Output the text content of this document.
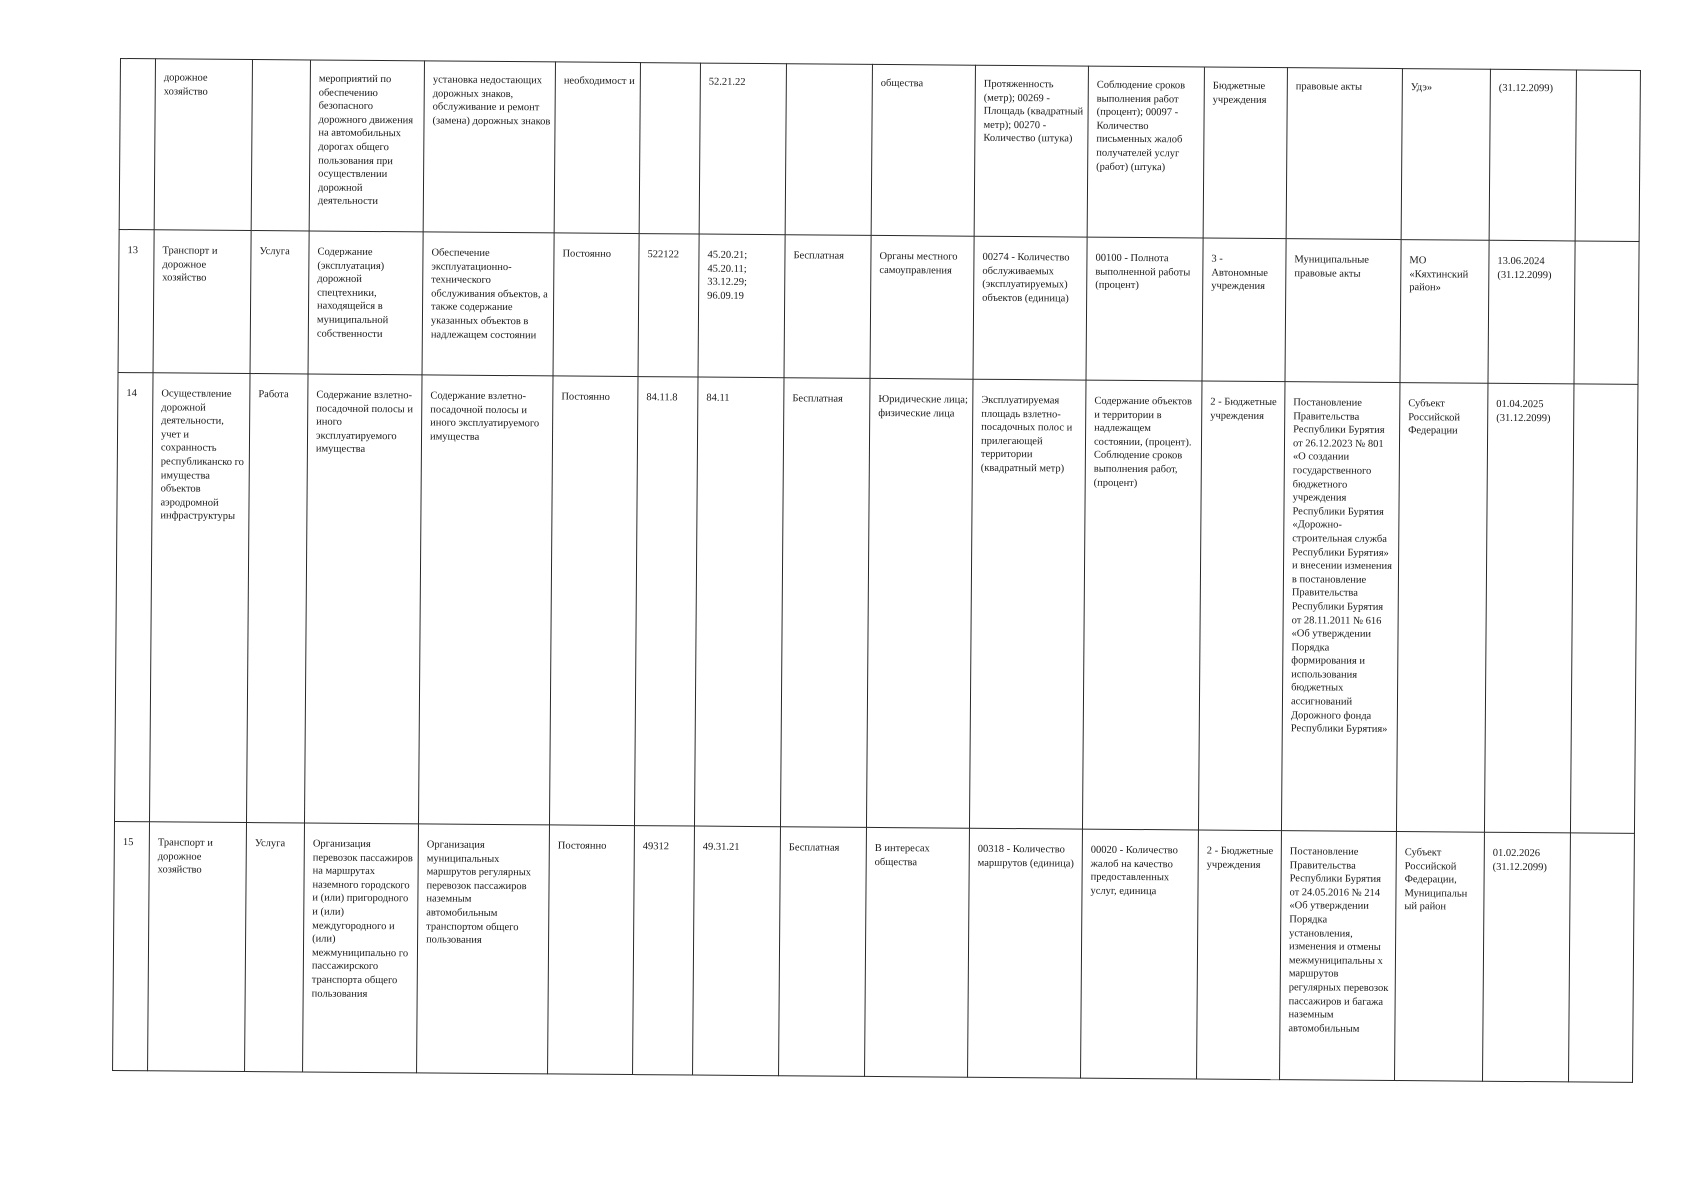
	дорожное хозяйство		мероприятий по обеспечению безопасного дорожного движения на автомобильных дорогах общего пользования при осуществлении дорожной деятельности	установка недостающих дорожных знаков, обслуживание и ремонт (замена) дорожных знаков	необходимост и		52.21.22		общества	Протяженность (метр); 00269 - Площадь (квадратный метр); 00270 - Количество (штука)	Соблюдение сроков выполнения работ (процент); 00097 - Количество письменных жалоб получателей услуг (работ) (штука)	Бюджетные учреждения	правовые акты	Удэ»	(31.12.2099)	
13	Транспорт и дорожное хозяйство	Услуга	Содержание (эксплуатация) дорожной спецтехники, находящейся в муниципальной собственности	Обеспечение эксплуатационно-технического обслуживания объектов, а также содержание указанных объектов в надлежащем состоянии	Постоянно	522122	45.20.21; 45.20.11; 33.12.29; 96.09.19	Бесплатная	Органы местного самоуправления	00274 - Количество обслуживаемых (эксплуатируемых) объектов (единица)	00100 - Полнота выполненной работы (процент)	3 - Автономные учреждения	Муниципальные правовые акты	МО «Кяхтинский район»	13.06.2024 (31.12.2099)	
14	Осуществление дорожной деятельности, учет и сохранность республиканско го имущества объектов аэродромной инфраструктуры	Работа	Содержание взлетно-посадочной полосы и иного эксплуатируемого имущества	Содержание взлетно-посадочной полосы и иного эксплуатируемого имущества	Постоянно	84.11.8	84.11	Бесплатная	Юридические лица; физические лица	Эксплуатируемая площадь взлетно-посадочных полос и прилегающей территории (квадратный метр)	Содержание объектов и территории в надлежащем состоянии, (процент). Соблюдение сроков выполнения работ, (процент)	2 - Бюджетные учреждения	Постановление Правительства Республики Бурятия от 26.12.2023 № 801 «О создании государственного бюджетного учреждения Республики Бурятия «Дорожно-строительная служба Республики Бурятия» и внесении изменения в постановление Правительства Республики Бурятия от 28.11.2011 № 616 «Об утверждении Порядка формирования и использования бюджетных ассигнований Дорожного фонда Республики Бурятия»	Субъект Российской Федерации	01.04.2025 (31.12.2099)	
15	Транспорт и дорожное хозяйство	Услуга	Организация перевозок пассажиров на маршрутах наземного городского и (или) пригородного и (или) междугородного и (или) межмуниципально го пассажирского транспорта общего пользования	Организация муниципальных маршрутов регулярных перевозок пассажиров наземным автомобильным транспортом общего пользования	Постоянно	49312	49.31.21	Бесплатная	В интересах общества	00318 - Количество маршрутов (единица)	00020 - Количество жалоб на качество предоставленных услуг, единица	2 - Бюджетные учреждения	Постановление Правительства Республики Бурятия от 24.05.2016 № 214 «Об утверждении Порядка установления, изменения и отмены межмуниципальны х маршрутов регулярных перевозок пассажиров и багажа наземным автомобильным	Субъект Российской Федерации, Муниципальн ый район	01.02.2026 (31.12.2099)	
